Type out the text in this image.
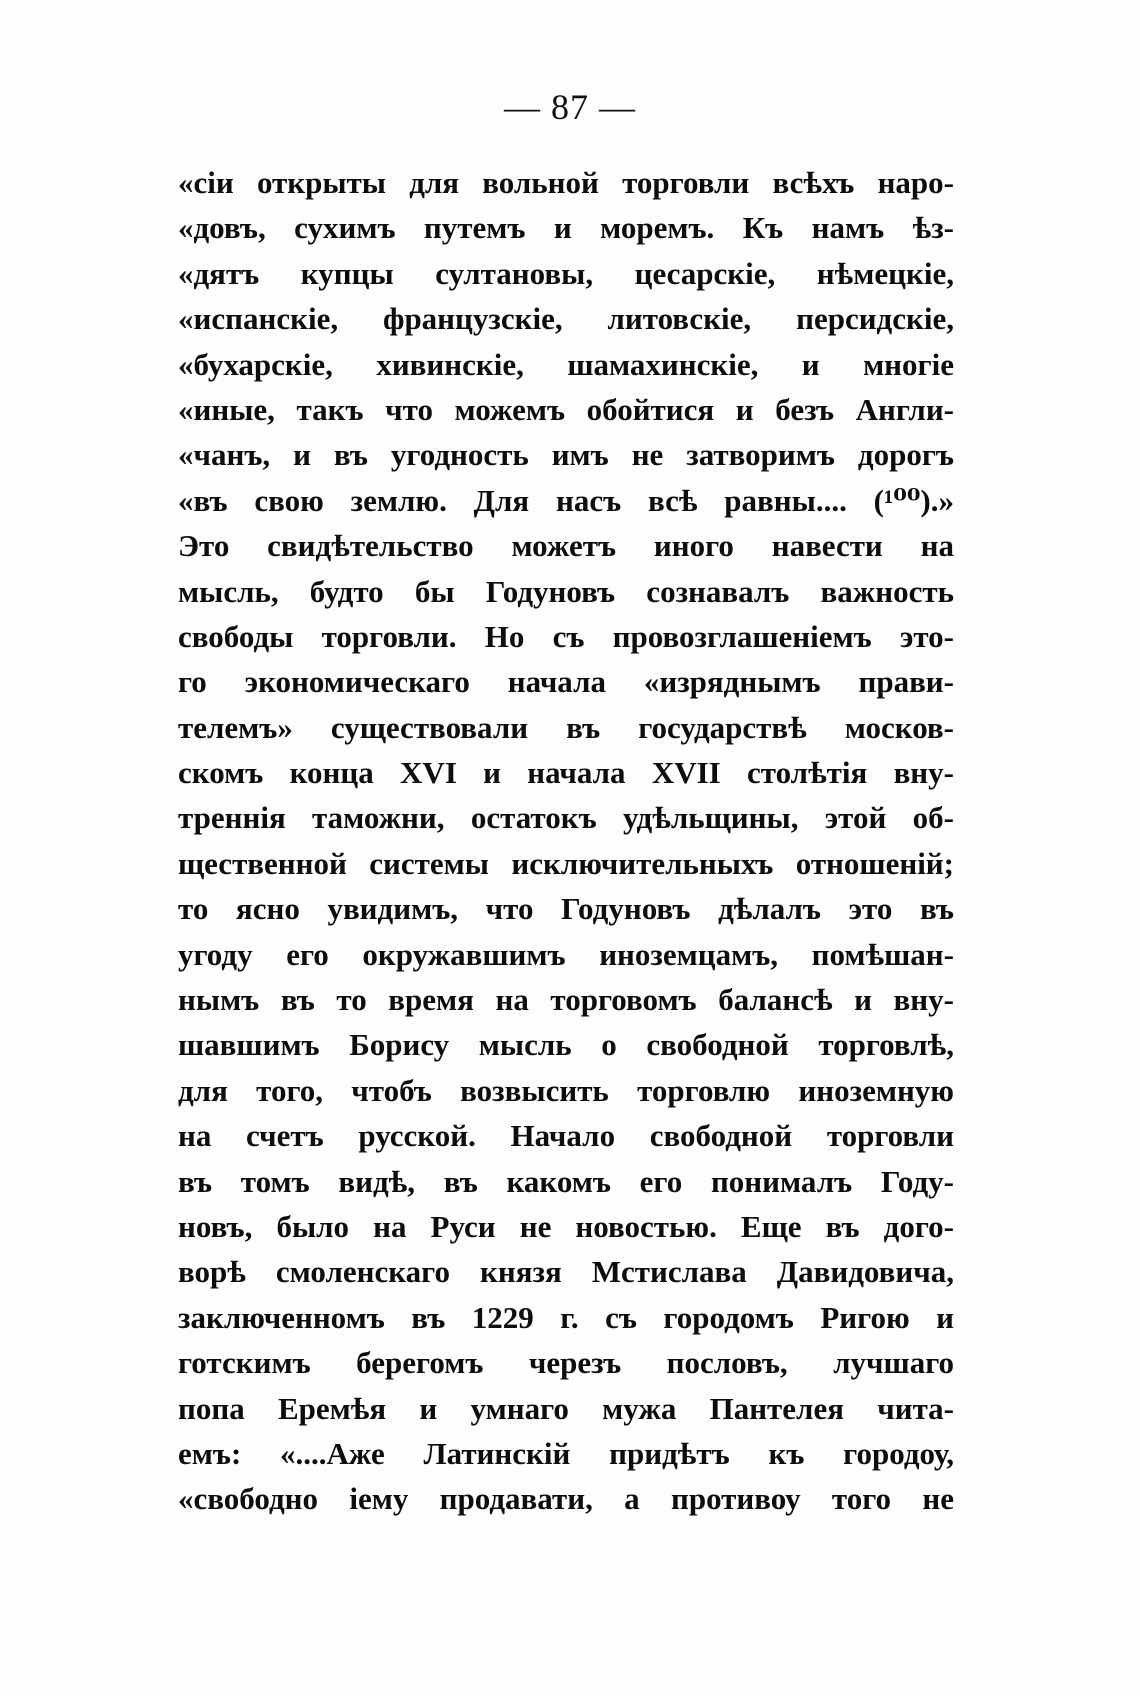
— 87 —
«сіи открыты для вольной торговли всѣхъ наро-
«довъ, сухимъ путемъ и моремъ. Къ намъ ѣз-
«дятъ купцы султановы, цесарскіе, нѣмецкіе,
«испанскіе, французскіе, литовскіе, персидскіе,
«бухарскіе, хивинскіе, шамахинскіе, и многіе
«иные, такъ что можемъ обойтися и безъ Англи-
«чанъ, и въ угодность имъ не затворимъ дорогъ
«въ свою землю. Для насъ всѣ равны.... (¹⁰⁰).»
Это свидѣтельство можетъ иного навести на
мысль, будто бы Годуновъ сознавалъ важность
свободы торговли. Но съ провозглашеніемъ это-
го экономическаго начала «изряднымъ прави-
телемъ» существовали въ государствѣ москов-
скомъ конца XVI и начала XVII столѣтія вну-
треннія таможни, остатокъ удѣльщины, этой об-
щественной системы исключительныхъ отношеній;
то ясно увидимъ, что Годуновъ дѣлалъ это въ
угоду его окружавшимъ иноземцамъ, помѣшан-
нымъ въ то время на торговомъ балансѣ и вну-
шавшимъ Борису мысль о свободной торговлѣ,
для того, чтобъ возвысить торговлю иноземную
на счетъ русской. Начало свободной торговли
въ томъ видѣ, въ какомъ его понималъ Году-
новъ, было на Руси не новостью. Еще въ дого-
ворѣ смоленскаго князя Мстислава Давидовича,
заключенномъ въ 1229 г. съ городомъ Ригою и
готскимъ берегомъ черезъ пословъ, лучшаго
попа Еремѣя и умнаго мужа Пантелея чита-
емъ: «....Аже Латинскій придѣтъ къ городоу,
«свободно іему продавати, а противоу того не
